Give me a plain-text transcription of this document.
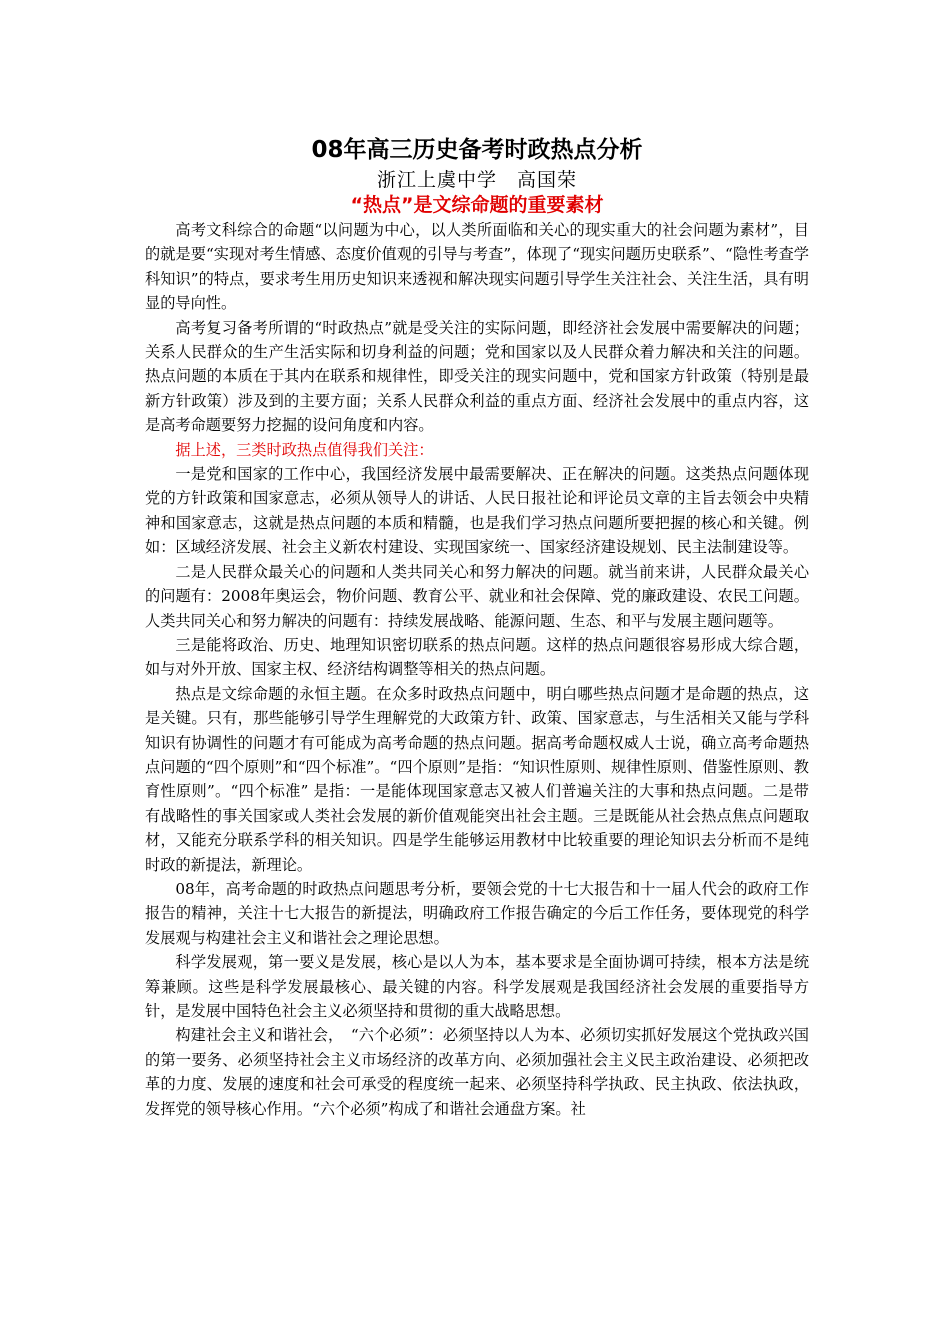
08年高三历史备考时政热点分析

浙江上虞中学　高国荣

“热点”是文综命题的重要素材

高考文科综合的命题“以问题为中心，以人类所面临和关心的现实重大的社会问题为素材”，目的就是要“实现对考生情感、态度价值观的引导与考查”，体现了“现实问题历史联系”、“隐性考查学科知识”的特点，要求考生用历史知识来透视和解决现实问题引导学生关注社会、关注生活，具有明显的导向性。

高考复习备考所谓的“时政热点”就是受关注的实际问题，即经济社会发展中需要解决的问题；关系人民群众的生产生活实际和切身利益的问题；党和国家以及人民群众着力解决和关注的问题。热点问题的本质在于其内在联系和规律性，即受关注的现实问题中，党和国家方针政策（特别是最新方针政策）涉及到的主要方面；关系人民群众利益的重点方面、经济社会发展中的重点内容，这是高考命题要努力挖掘的设问角度和内容。

据上述，三类时政热点值得我们关注：

一是党和国家的工作中心，我国经济发展中最需要解决、正在解决的问题。这类热点问题体现党的方针政策和国家意志，必须从领导人的讲话、人民日报社论和评论员文章的主旨去领会中央精神和国家意志，这就是热点问题的本质和精髓，也是我们学习热点问题所要把握的核心和关键。例如：区域经济发展、社会主义新农村建设、实现国家统一、国家经济建设规划、民主法制建设等。

二是人民群众最关心的问题和人类共同关心和努力解决的问题。就当前来讲，人民群众最关心的问题有：2008年奥运会，物价问题、教育公平、就业和社会保障、党的廉政建设、农民工问题。人类共同关心和努力解决的问题有：持续发展战略、能源问题、生态、和平与发展主题问题等。

三是能将政治、历史、地理知识密切联系的热点问题。这样的热点问题很容易形成大综合题，如与对外开放、国家主权、经济结构调整等相关的热点问题。

热点是文综命题的永恒主题。在众多时政热点问题中，明白哪些热点问题才是命题的热点，这是关键。只有，那些能够引导学生理解党的大政策方针、政策、国家意志，与生活相关又能与学科知识有协调性的问题才有可能成为高考命题的热点问题。据高考命题权威人士说，确立高考命题热点问题的“四个原则”和“四个标准”。“四个原则”是指：“知识性原则、规律性原则、借鉴性原则、教育性原则”。“四个标准” 是指：一是能体现国家意志又被人们普遍关注的大事和热点问题。二是带有战略性的事关国家或人类社会发展的新价值观能突出社会主题。三是既能从社会热点焦点问题取材，又能充分联系学科的相关知识。四是学生能够运用教材中比较重要的理论知识去分析而不是纯时政的新提法，新理论。

08年，高考命题的时政热点问题思考分析，要领会党的十七大报告和十一届人代会的政府工作报告的精神，关注十七大报告的新提法，明确政府工作报告确定的今后工作任务，要体现党的科学发展观与构建社会主义和谐社会之理论思想。

科学发展观，第一要义是发展，核心是以人为本，基本要求是全面协调可持续，根本方法是统筹兼顾。这些是科学发展最核心、最关键的内容。科学发展观是我国经济社会发展的重要指导方针，是发展中国特色社会主义必须坚持和贯彻的重大战略思想。

构建社会主义和谐社会，　“六个必须”：必须坚持以人为本、必须切实抓好发展这个党执政兴国的第一要务、必须坚持社会主义市场经济的改革方向、必须加强社会主义民主政治建设、必须把改革的力度、发展的速度和社会可承受的程度统一起来、必须坚持科学执政、民主执政、依法执政，发挥党的领导核心作用。“六个必须”构成了和谐社会通盘方案。社
